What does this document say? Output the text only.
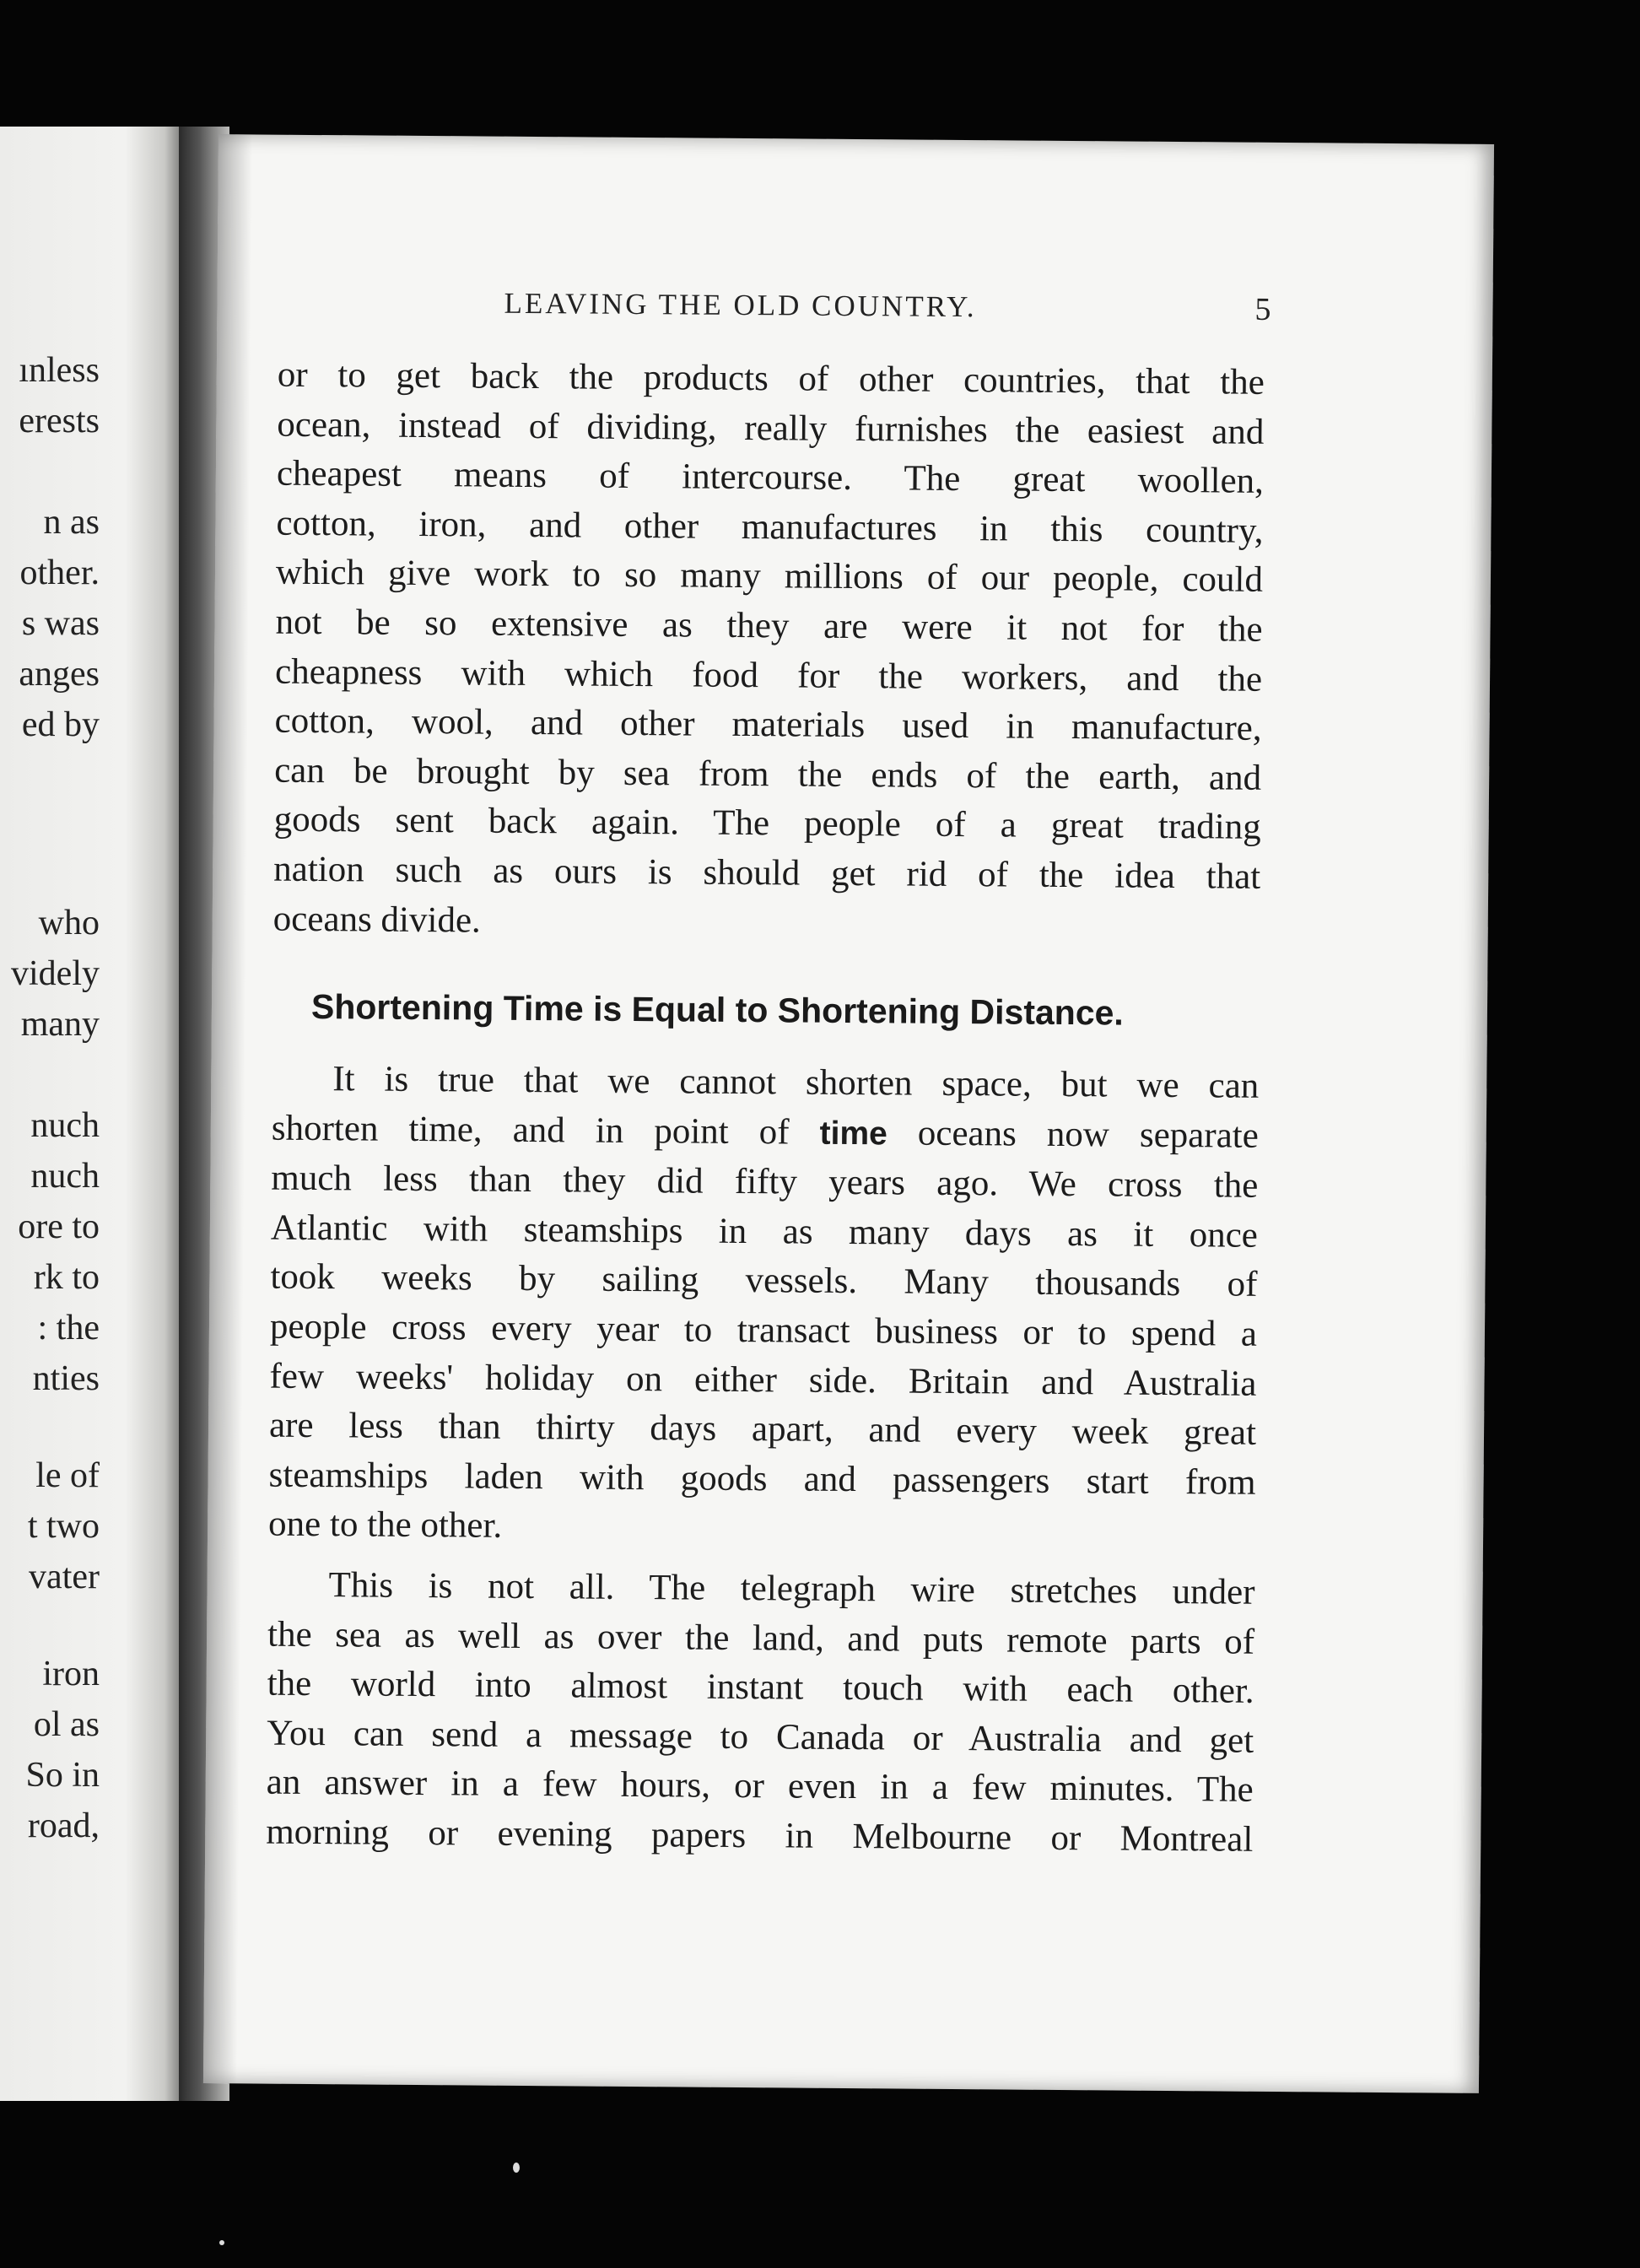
ınless
erests
n as
other.
s was
anges
ed by
who
videly
many
nuch
nuch
ore to
rk to
: the
nties
le of
t two
vater
iron
ol as
So in
road,
LEAVING THE OLD COUNTRY.	5
or to get back the products of other countries, that the
ocean, instead of dividing, really furnishes the easiest and
cheapest means of intercourse. The great woollen,
cotton, iron, and other manufactures in this country,
which give work to so many millions of our people, could
not be so extensive as they are were it not for the
cheapness with which food for the workers, and the
cotton, wool, and other materials used in manufacture,
can be brought by sea from the ends of the earth, and
goods sent back again. The people of a great trading
nation such as ours is should get rid of the idea that
oceans divide.
Shortening Time is Equal to Shortening Distance.
It is true that we cannot shorten space, but we can
shorten time, and in point of time oceans now separate
much less than they did fifty years ago. We cross the
Atlantic with steamships in as many days as it once
took weeks by sailing vessels. Many thousands of
people cross every year to transact business or to spend a
few weeks' holiday on either side. Britain and Australia
are less than thirty days apart, and every week great
steamships laden with goods and passengers start from
one to the other.
This is not all. The telegraph wire stretches under
the sea as well as over the land, and puts remote parts of
the world into almost instant touch with each other.
You can send a message to Canada or Australia and get
an answer in a few hours, or even in a few minutes. The
morning or evening papers in Melbourne or Montreal
